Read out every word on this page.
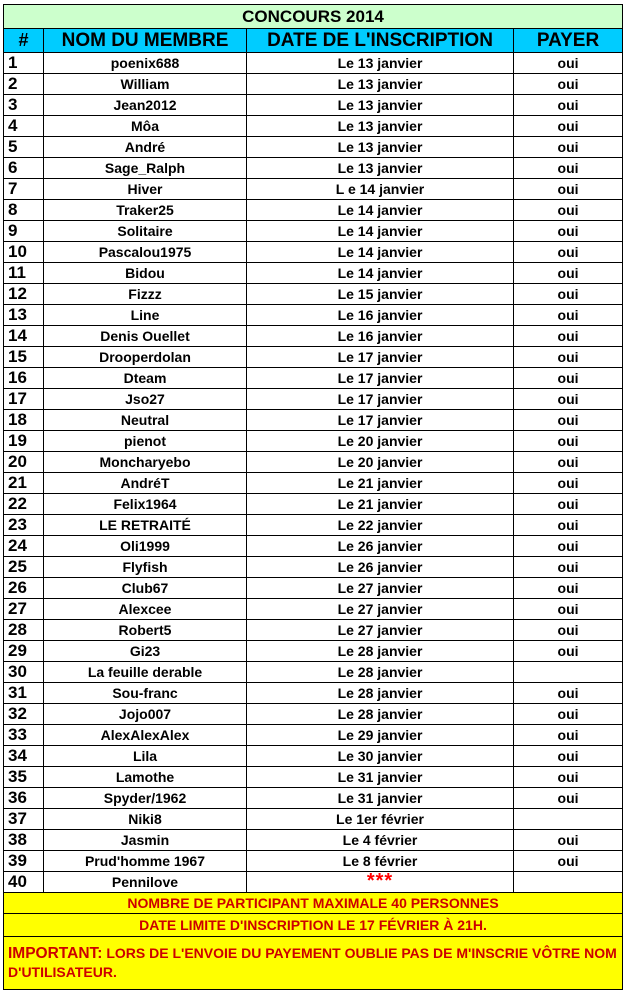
CONCOURS 2014			
#	NOM DU MEMBRE	DATE DE L'INSCRIPTION	PAYER
1	poenix688	Le 13 janvier	oui
2	William	Le 13 janvier	oui
3	Jean2012	Le 13 janvier	oui
4	Môa	Le 13 janvier	oui
5	André	Le 13 janvier	oui
6	Sage_Ralph	Le 13 janvier	oui
7	Hiver	L e 14 janvier	oui
8	Traker25	Le 14 janvier	oui
9	Solitaire	Le 14 janvier	oui
10	Pascalou1975	Le 14 janvier	oui
11	Bidou	Le 14 janvier	oui
12	Fizzz	Le 15 janvier	oui
13	Line	Le 16 janvier	oui
14	Denis Ouellet	Le 16 janvier	oui
15	Drooperdolan	Le 17 janvier	oui
16	Dteam	Le 17 janvier	oui
17	Jso27	Le 17 janvier	oui
18	Neutral	Le 17 janvier	oui
19	pienot	Le 20 janvier	oui
20	Moncharyebo	Le 20 janvier	oui
21	AndréT	Le 21 janvier	oui
22	Felix1964	Le 21 janvier	oui
23	LE RETRAITÉ	Le 22 janvier	oui
24	Oli1999	Le 26 janvier	oui
25	Flyfish	Le 26 janvier	oui
26	Club67	Le 27 janvier	oui
27	Alexcee	Le 27 janvier	oui
28	Robert5	Le 27 janvier	oui
29	Gi23	Le 28 janvier	oui
30	La feuille derable	Le 28 janvier	
31	Sou-franc	Le 28 janvier	oui
32	Jojo007	Le 28 janvier	oui
33	AlexAlexAlex	Le 29 janvier	oui
34	Lila	Le 30 janvier	oui
35	Lamothe	Le 31 janvier	oui
36	Spyder/1962	Le 31 janvier	oui
37	Niki8	Le 1er février	
38	Jasmin	Le 4 février	oui
39	Prud'homme 1967	Le 8 février	oui
40	Pennilove	***	
NOMBRE DE PARTICIPANT MAXIMALE 40 PERSONNES			
DATE LIMITE D'INSCRIPTION LE 17 FÉVRIER À 21H.			
IMPORTANT: LORS DE L'ENVOIE DU PAYEMENT OUBLIE PAS DE M'INSCRIE VÔTRE NOM D'UTILISATEUR.			
